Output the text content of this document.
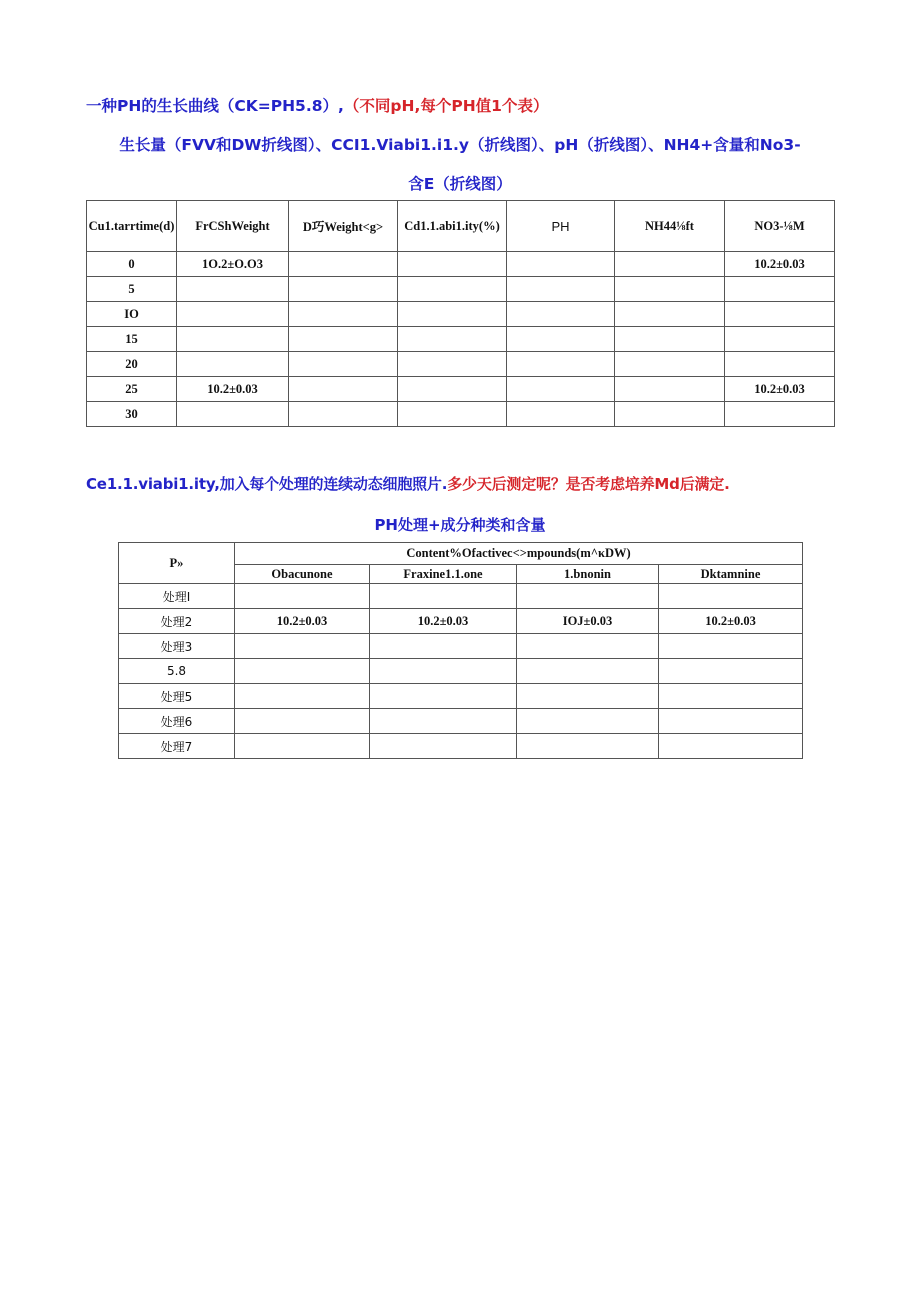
一种PH的生长曲线（CK=PH5.8）,（不同pH,每个PH值1个表）
生长量（FVV和DW折线图）、CCI1.Viabi1.i1.y（折线图）、pH（折线图）、NH4+含量和No3-
含E（折线图）
Cu1.tarrtime(d)	FrCShWeight	D巧Weight<g>	Cd1.1.abi1.ity(%)	PH	NH44⅛ft	NO3-⅛M
0	1O.2±O.O3					10.2±0.03
5						
IO						
15						
20						
25	10.2±0.03					10.2±0.03
30						
Ce1.1.viabi1.ity,加入每个处理的连续动态细胞照片.多少天后测定呢？是否考虑培养Md后满定.
PH处理+成分种类和含量
P»	Content%Ofactivec<>mpounds(m^κDW)			
	Obacunone	Fraxine1.1.one	1.bnonin	Dktamnine
处理I				
处理2	10.2±0.03	10.2±0.03	IOJ±0.03	10.2±0.03
处理3				
5.8				
处理5				
处理6				
处理7				
